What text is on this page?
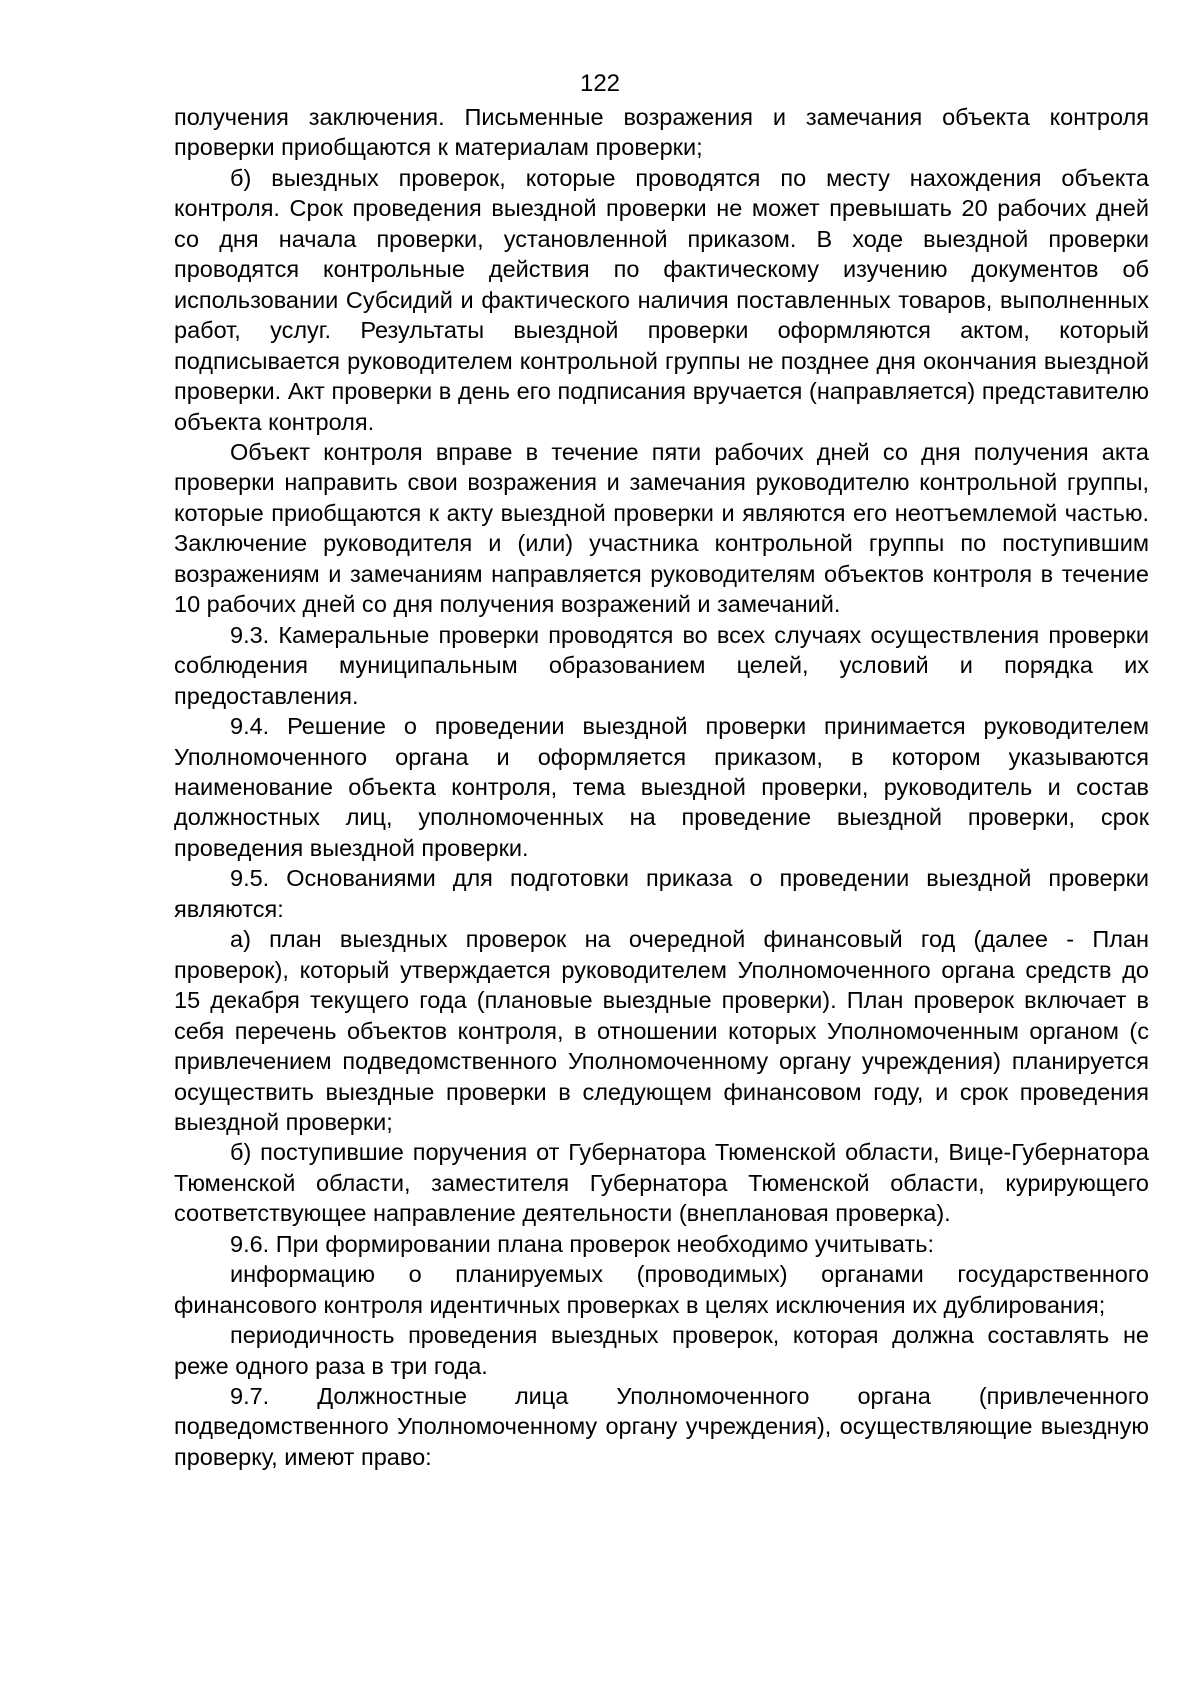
122

получения заключения. Письменные возражения и замечания объекта контроля проверки приобщаются к материалам проверки;

б) выездных проверок, которые проводятся по месту нахождения объекта контроля. Срок проведения выездной проверки не может превышать 20 рабочих дней со дня начала проверки, установленной приказом. В ходе выездной проверки проводятся контрольные действия по фактическому изучению документов об использовании Субсидий и фактического наличия поставленных товаров, выполненных работ, услуг. Результаты выездной проверки оформляются актом, который подписывается руководителем контрольной группы не позднее дня окончания выездной проверки. Акт проверки в день его подписания вручается (направляется) представителю объекта контроля.

Объект контроля вправе в течение пяти рабочих дней со дня получения акта проверки направить свои возражения и замечания руководителю контрольной группы, которые приобщаются к акту выездной проверки и являются его неотъемлемой частью. Заключение руководителя и (или) участника контрольной группы по поступившим возражениям и замечаниям направляется руководителям объектов контроля в течение 10 рабочих дней со дня получения возражений и замечаний.

9.3. Камеральные проверки проводятся во всех случаях осуществления проверки соблюдения муниципальным образованием целей, условий и порядка их предоставления.

9.4. Решение о проведении выездной проверки принимается руководителем Уполномоченного органа и оформляется приказом, в котором указываются наименование объекта контроля, тема выездной проверки, руководитель и состав должностных лиц, уполномоченных на проведение выездной проверки, срок проведения выездной проверки.

9.5. Основаниями для подготовки приказа о проведении выездной проверки являются:

а) план выездных проверок на очередной финансовый год (далее - План проверок), который утверждается руководителем Уполномоченного органа средств до 15 декабря текущего года (плановые выездные проверки). План проверок включает в себя перечень объектов контроля, в отношении которых Уполномоченным органом (с привлечением подведомственного Уполномоченному органу учреждения) планируется осуществить выездные проверки в следующем финансовом году, и срок проведения выездной проверки;

б) поступившие поручения от Губернатора Тюменской области, Вице-Губернатора Тюменской области, заместителя Губернатора Тюменской области, курирующего соответствующее направление деятельности (внеплановая проверка).

9.6. При формировании плана проверок необходимо учитывать:

информацию о планируемых (проводимых) органами государственного финансового контроля идентичных проверках в целях исключения их дублирования;

периодичность проведения выездных проверок, которая должна составлять не реже одного раза в три года.

9.7. Должностные лица Уполномоченного органа (привлеченного подведомственного Уполномоченному органу учреждения), осуществляющие выездную проверку, имеют право:
